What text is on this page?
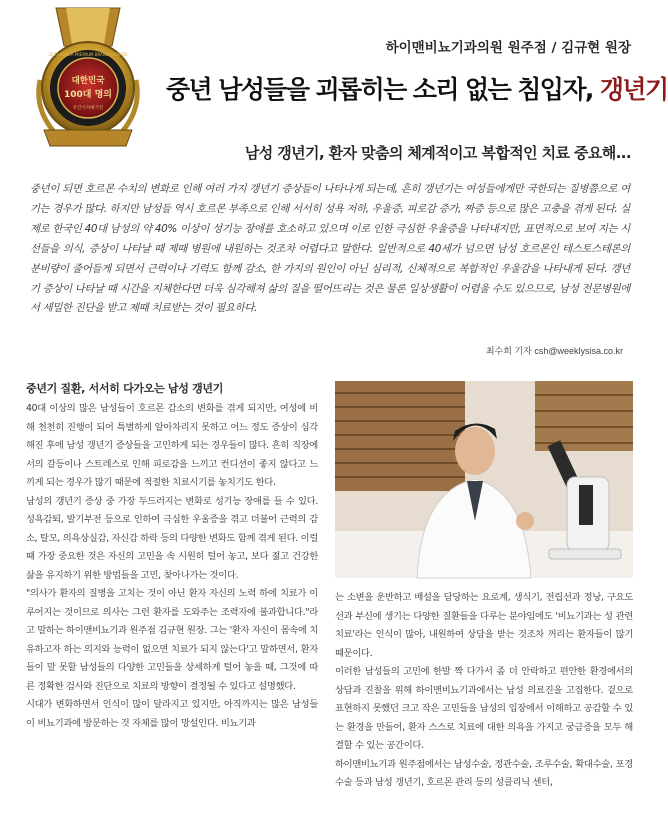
2021 KOREA PREMIUM BRAND AWARDS
대한민국
100대 명의
주간시사매거진
하이맨비뇨기과의원 원주점 / 김규현 원장
중년 남성들을 괴롭히는 소리 없는 침입자, 갱년기
남성 갱년기, 환자 맞춤의 체계적이고 복합적인 치료 중요해...

중년이 되면 호르몬 수치의 변화로 인해 여러 가지 갱년기 증상들이 나타나게 되는데, 흔히 갱년기는 여성들에게만 국한되는 질병쯤으로 여기는 경우가 많다. 하지만 남성들 역시 호르몬 부족으로 인해 서서히 성욕 저하, 우울증, 피로감 증가, 짜증 등으로 많은 고충을 겪게 된다. 실제로 한국인 40대 남성의 약 40% 이상이 성기능 장애를 호소하고 있으며 이로 인한 극심한 우울증을 나타내지만, 표면적으로 보여 지는 시선들을 의식, 증상이 나타날 때 제때 병원에 내원하는 것조차 어렵다고 말한다. 일반적으로 40세가 넘으면 남성 호르몬인 테스토스테론의 분비량이 줄어들게 되면서 근력이나 기력도 함께 감소, 한 가지의 원인이 아닌 심리적, 신체적으로 복합적인 우울감을 나타내게 된다. 갱년기 증상이 나타날 때 시간을 지체한다면 더욱 심각해져 삶의 질을 떨어뜨리는 것은 물론 일상생활이 어렵울 수도 있으므로, 남성 전문병원에서 세밀한 진단을 받고 제때 치료받는 것이 필요하다.

최수희 기자 csh@weeklysisa.co.kr
중년기 질환, 서서히 다가오는 남성 갱년기

40대 이상의 많은 남성들이 호르몬 감소의 변화를 겪게 되지만, 여성에 비해 천천히 진행이 되어 특별하게 알아차리지 못하고 어느 정도 증상이 심각해진 후에 남성 갱년기 증상들을 고민하게 되는 경우들이 많다. 흔히 직장에서의 갈등이나 스트레스로 인해 피로감을 느끼고 컨디션이 좋지 않다고 느끼게 되는 경우가 많기 때문에 적절한 치료시기를 놓치기도 한다.

남성의 갱년기 증상 중 가장 두드러지는 변화로 성기능 장애를 들 수 있다. 성욕감퇴, 발기부전 등으로 인하여 극심한 우울증을 겪고 더불어 근력의 감소, 탈모, 의욕상실감, 자신감 하락 등의 다양한 변화도 함께 겪게 된다. 이럴 때 가장 중요한 것은 자신의 고민을 속 시원히 털어 놓고, 보다 젊고 건강한 삶을 유지하기 위한 방법들을 고민, 찾아나가는 것이다.

"의사가 환자의 질병을 고치는 것이 아닌 환자 자신의 노력 하에 치료가 이루어지는 것이므로 의사는 그런 환자를 도와주는 조력자에 불과합니다."라고 말하는 하이맨비뇨기과 원주점 김규현 원장. 그는 '환자 자신이 몸속에 치유하고자 하는 의지와 능력이 없으면 치료가 되지 않는다'고 말하면서, 환자들이 말 못할 남성들의 다양한 고민들을 상세하게 털어 놓을 때, 그것에 따른 정확한 검사와 진단으로 치료의 방향이 결정될 수 있다고 설명했다.

시대가 변화하면서 인식이 많이 달라지고 있지만, 아직까지는 많은 남성들이 비뇨기과에 방문하는 것 자체를 많이 망설인다. 비뇨기과

는 소변을 운반하고 배설을 담당하는 요로계, 생식기, 전립선과 정낭, 구요도선과 부신에 생기는 다양한 질환들을 다루는 분야임에도 '비뇨기과는 성 관련 치료'라는 인식이 많아, 내원하여 상담을 받는 것조차 꺼리는 환자들이 많기 때문이다.

이러한 남성들의 고민에 한발 짝 다가서 좀 더 안락하고 편안한 환경에서의 상담과 진찰을 위해 하이맨비뇨기과에서는 남성 의료진을 고집한다. 겉으로 표현하지 못했던 크고 작은 고민들을 남성의 입장에서 이해하고 공감할 수 있는 환경을 만들어, 환자 스스로 치료에 대한 의욕을 가지고 궁금증을 모두 해결할 수 있는 공간이다.

하이맨비뇨기과 원주점에서는 남성수술, 정관수술, 조루수술, 확대수술, 포경수술 등과 남성 갱년기, 호르몬 관리 등의 성클리닉 센터,
